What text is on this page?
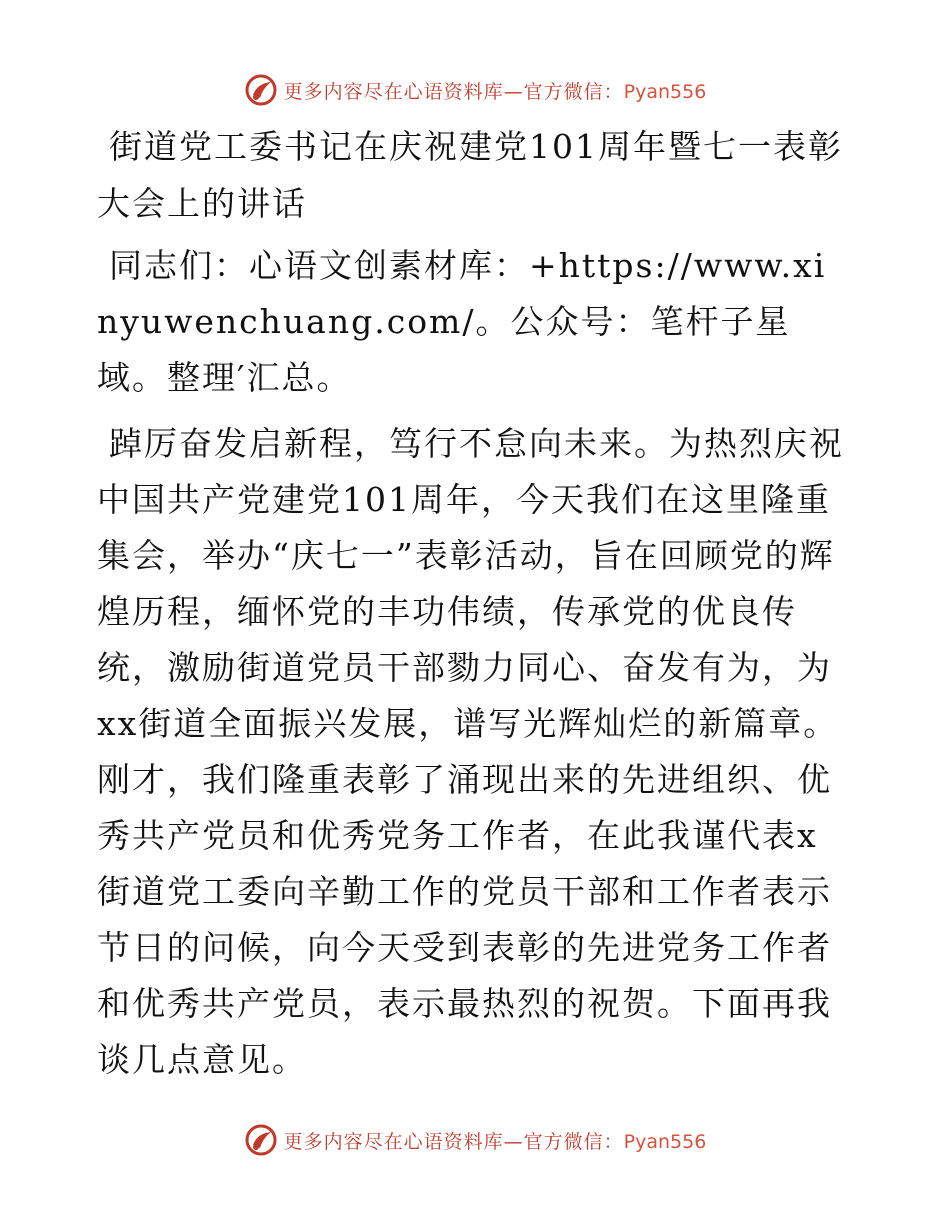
更多内容尽在心语资料库—官方微信：Pyan556
街道党工委书记在庆祝建党101周年暨七一表彰大会上的讲话

同志们：心语文创素材库：+https://www.xinyuwenchuang.com/。公众号：笔杆子星域。整理′汇总。

踔厉奋发启新程，笃行不怠向未来。为热烈庆祝中国共产党建党101周年，今天我们在这里隆重集会，举办“庆七一”表彰活动，旨在回顾党的辉煌历程，缅怀党的丰功伟绩，传承党的优良传统，激励街道党员干部勠力同心、奋发有为，为xx街道全面振兴发展，谱写光辉灿烂的新篇章。刚才，我们隆重表彰了涌现出来的先进组织、优秀共产党员和优秀党务工作者，在此我谨代表x街道党工委向辛勤工作的党员干部和工作者表示节日的问候，向今天受到表彰的先进党务工作者和优秀共产党员，表示最热烈的祝贺。下面再我谈几点意见。

更多内容尽在心语资料库—官方微信：Pyan556
